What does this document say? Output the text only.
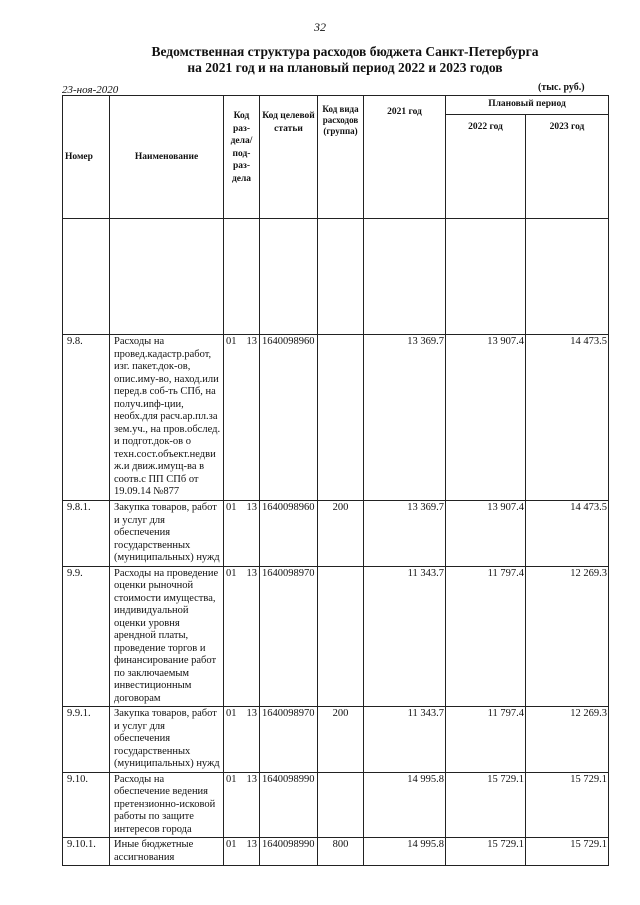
32
Ведомственная структура расходов бюджета Санкт-Петербурга
на 2021 год и на плановый период 2022 и 2023 годов
23-ноя-2020	(тыс. руб.)
Номер	Наименование	Код раз-дела/ под-раз-дела	Код целевой статьи	Код вида расходов (группа)	2021 год	Плановый период	
						2022 год	2023 год

9.8.	Расходы на провед.кадастр.работ, изг. пакет.док-ов, опис.иму-во, наход.или перед.в соб-ть СПб, на получ.иnф-ции, необх.для расч.ар.пл.за зем.уч., на пров.обслед. и подгот.док-ов о техн.сост.объект.недви ж.и движ.имущ-ва в соотв.с ПП СПб от 19.09.14 №877	01 13	1640098960		13 369.7	13 907.4	14 473.5
9.8.1.	Закупка товаров, работ и услуг для обеспечения государственных (муниципальных) нужд	01 13	1640098960	200	13 369.7	13 907.4	14 473.5
9.9.	Расходы на проведение оценки рыночной стоимости имущества, индивидуальной оценки уровня арендной платы, проведение торгов и финансирование работ по заключаемым инвестиционным договорам	01 13	1640098970		11 343.7	11 797.4	12 269.3
9.9.1.	Закупка товаров, работ и услуг для обеспечения государственных (муниципальных) нужд	01 13	1640098970	200	11 343.7	11 797.4	12 269.3
9.10.	Расходы на обеспечение ведения претензионно-исковой работы по защите интересов города	01 13	1640098990		14 995.8	15 729.1	15 729.1
9.10.1.	Иные бюджетные ассигнования	01 13	1640098990	800	14 995.8	15 729.1	15 729.1
